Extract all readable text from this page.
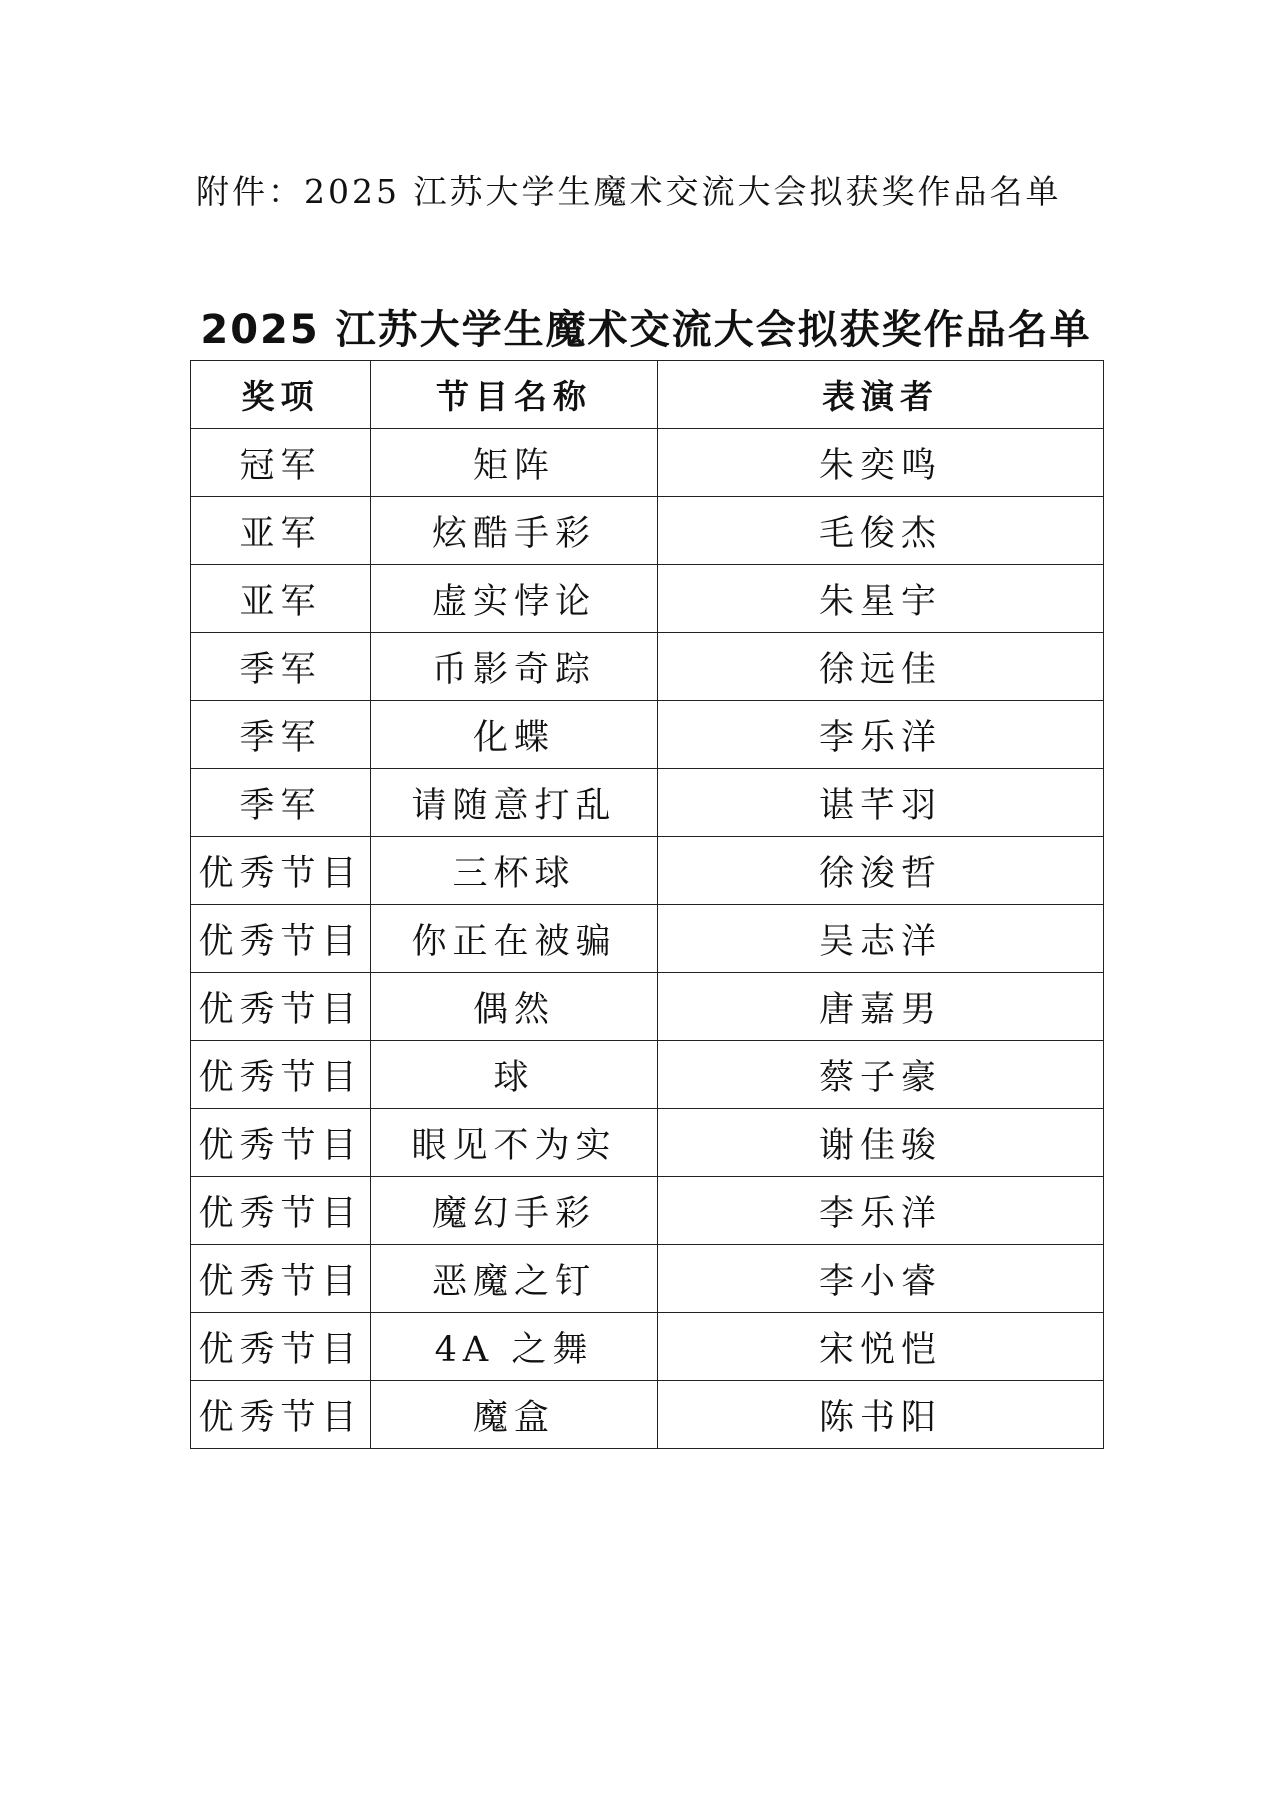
附件：2025 江苏大学生魔术交流大会拟获奖作品名单
2025 江苏大学生魔术交流大会拟获奖作品名单
奖项	节目名称	表演者
冠军	矩阵	朱奕鸣
亚军	炫酷手彩	毛俊杰
亚军	虚实悖论	朱星宇
季军	币影奇踪	徐远佳
季军	化蝶	李乐洋
季军	请随意打乱	谌芊羽
优秀节目	三杯球	徐浚哲
优秀节目	你正在被骗	吴志洋
优秀节目	偶然	唐嘉男
优秀节目	球	蔡子豪
优秀节目	眼见不为实	谢佳骏
优秀节目	魔幻手彩	李乐洋
优秀节目	恶魔之钉	李小睿
优秀节目	4A 之舞	宋悦恺
优秀节目	魔盒	陈书阳
